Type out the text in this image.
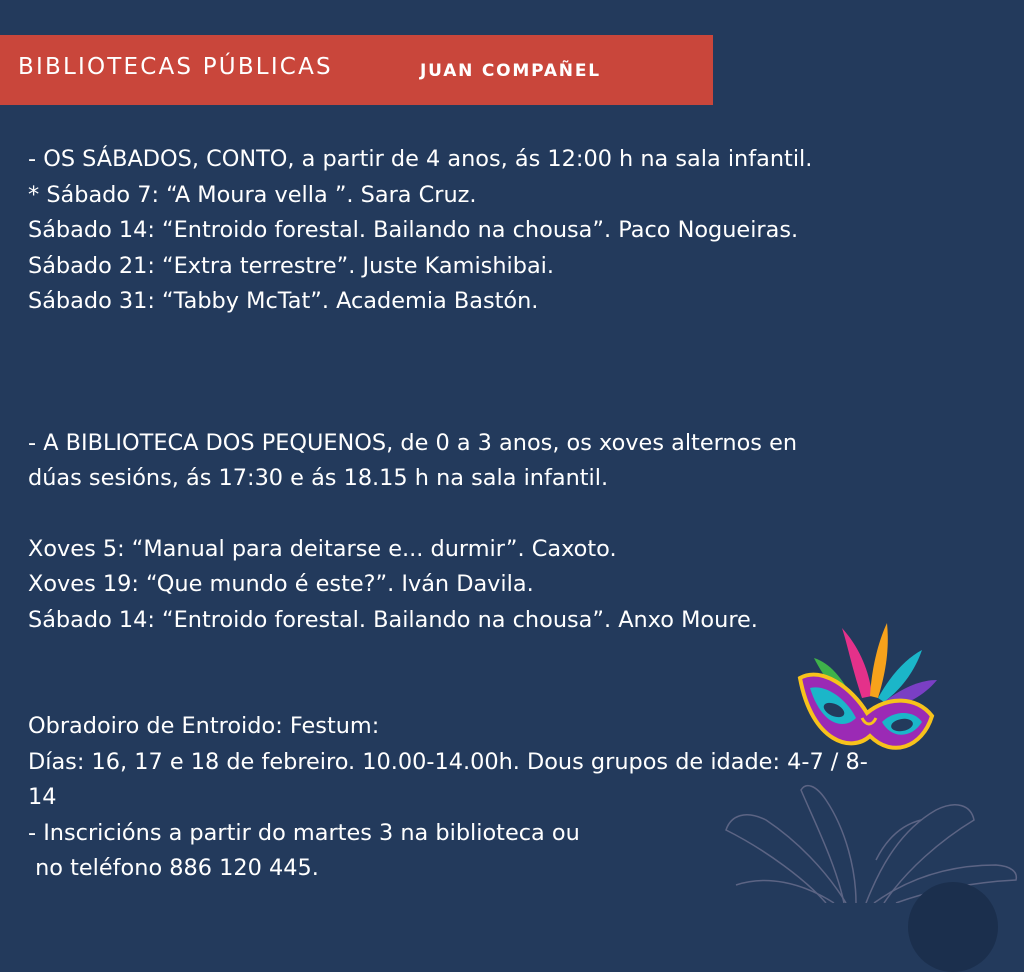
BIBLIOTECAS PÚBLICAS	JUAN COMPAÑEL

- OS SÁBADOS, CONTO, a partir de 4 anos, ás 12:00 h na sala infantil.

* Sábado 7: “A Moura vella ”. Sara Cruz.

Sábado 14: “Entroido forestal. Bailando na chousa”. Paco Nogueiras.

Sábado 21: “Extra terrestre”. Juste Kamishibai.

Sábado 31: “Tabby McTat”. Academia Bastón.

- A BIBLIOTECA DOS PEQUENOS, de 0 a 3 anos, os xoves alternos en

dúas sesións, ás 17:30 e ás 18.15 h na sala infantil.

Xoves 5: “Manual para deitarse e... durmir”. Caxoto.

Xoves 19: “Que mundo é este?”. Iván Davila.

Sábado 14: “Entroido forestal. Bailando na chousa”. Anxo Moure.

Obradoiro de Entroido: Festum:

Días: 16, 17 e 18 de febreiro. 10.00-14.00h. Dous grupos de idade: 4-7 / 8-14

- Inscricións a partir do martes 3 na biblioteca ou

no teléfono 886 120 445.
